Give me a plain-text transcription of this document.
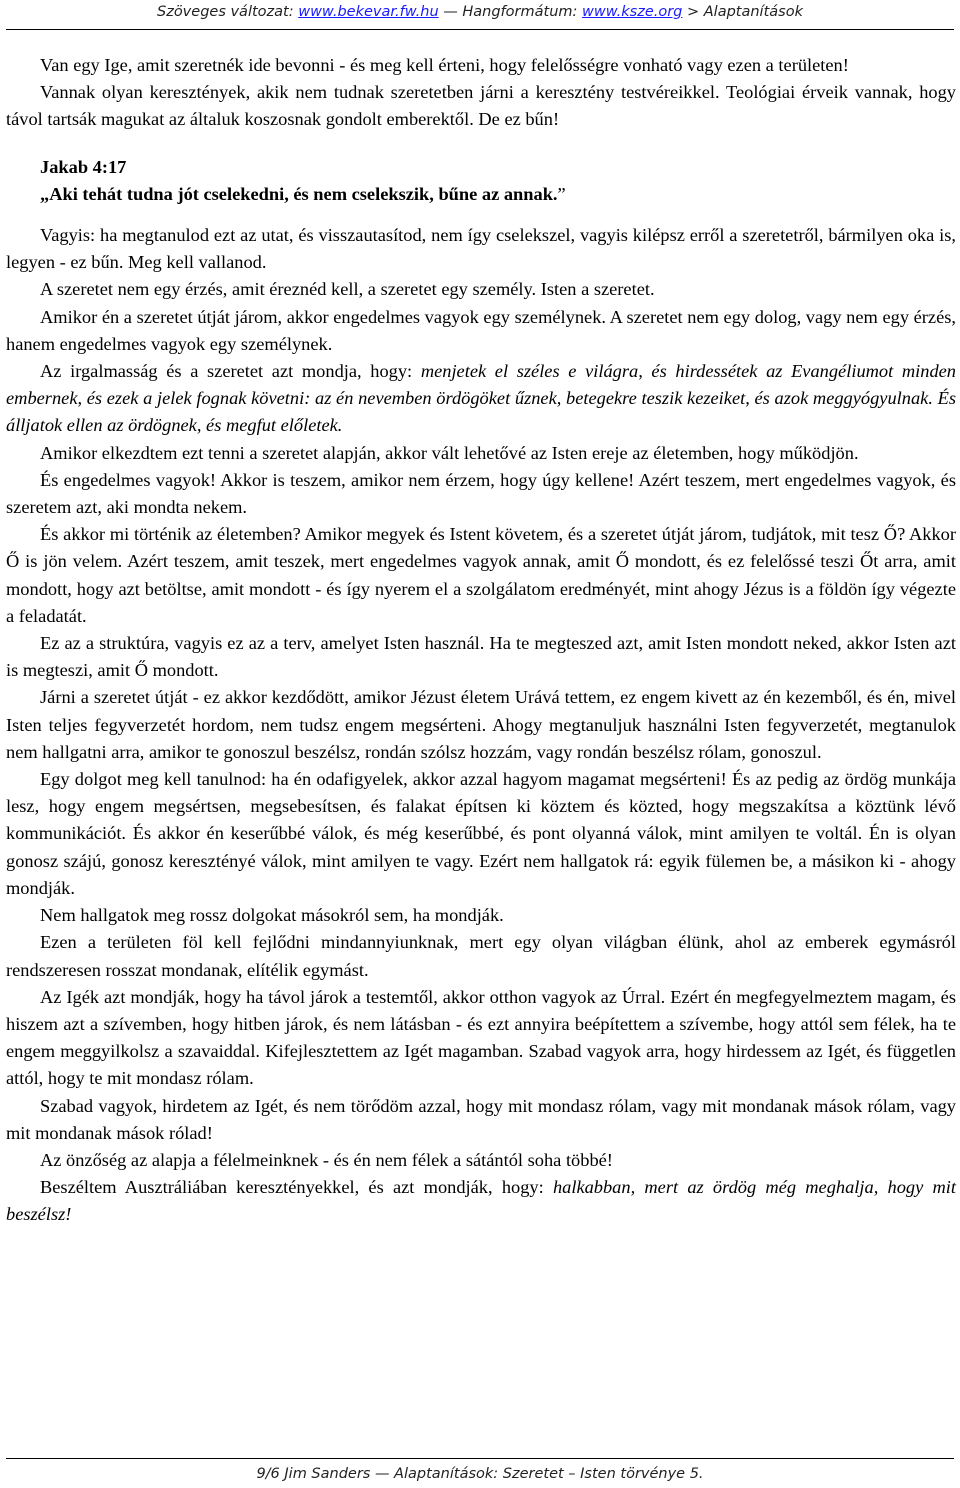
Szöveges változat: www.bekevar.fw.hu — Hangformátum: www.ksze.org > Alaptanítások

Van egy Ige, amit szeretnék ide bevonni - és meg kell érteni, hogy felelősségre vonható vagy ezen a területen!

Vannak olyan keresztények, akik nem tudnak szeretetben járni a keresztény testvéreikkel. Teológiai érveik vannak, hogy távol tartsák magukat az általuk koszosnak gondolt emberektől. De ez bűn!

Jakab 4:17

„Aki tehát tudna jót cselekedni, és nem cselekszik, bűne az annak.”

Vagyis: ha megtanulod ezt az utat, és visszautasítod, nem így cselekszel, vagyis kilépsz erről a szeretetről, bármilyen oka is, legyen - ez bűn. Meg kell vallanod.

A szeretet nem egy érzés, amit éreznéd kell, a szeretet egy személy. Isten a szeretet.

Amikor én a szeretet útját járom, akkor engedelmes vagyok egy személynek. A szeretet nem egy dolog, vagy nem egy érzés, hanem engedelmes vagyok egy személynek.

Az irgalmasság és a szeretet azt mondja, hogy: menjetek el széles e világra, és hirdessétek az Evangéliumot minden embernek, és ezek a jelek fognak követni: az én nevemben ördögöket űznek, betegekre teszik kezeiket, és azok meggyógyulnak. És álljatok ellen az ördögnek, és megfut előletek.

Amikor elkezdtem ezt tenni a szeretet alapján, akkor vált lehetővé az Isten ereje az életemben, hogy működjön.

És engedelmes vagyok! Akkor is teszem, amikor nem érzem, hogy úgy kellene! Azért teszem, mert engedelmes vagyok, és szeretem azt, aki mondta nekem.

És akkor mi történik az életemben? Amikor megyek és Istent követem, és a szeretet útját járom, tudjátok, mit tesz Ő? Akkor Ő is jön velem. Azért teszem, amit teszek, mert engedelmes vagyok annak, amit Ő mondott, és ez felelőssé teszi Őt arra, amit mondott, hogy azt betöltse, amit mondott - és így nyerem el a szolgálatom eredményét, mint ahogy Jézus is a földön így végezte a feladatát.

Ez az a struktúra, vagyis ez az a terv, amelyet Isten használ. Ha te megteszed azt, amit Isten mondott neked, akkor Isten azt is megteszi, amit Ő mondott.

Járni a szeretet útját - ez akkor kezdődött, amikor Jézust életem Urává tettem, ez engem kivett az én kezemből, és én, mivel Isten teljes fegyverzetét hordom, nem tudsz engem megsérteni. Ahogy megtanuljuk használni Isten fegyverzetét, megtanulok nem hallgatni arra, amikor te gonoszul beszélsz, rondán szólsz hozzám, vagy rondán beszélsz rólam, gonoszul.

Egy dolgot meg kell tanulnod: ha én odafigyelek, akkor azzal hagyom magamat megsérteni! És az pedig az ördög munkája lesz, hogy engem megsértsen, megsebesítsen, és falakat építsen ki köztem és közted, hogy megszakítsa a köztünk lévő kommunikációt. És akkor én keserűbbé válok, és még keserűbbé, és pont olyanná válok, mint amilyen te voltál. Én is olyan gonosz szájú, gonosz keresztényé válok, mint amilyen te vagy. Ezért nem hallgatok rá: egyik fülemen be, a másikon ki - ahogy mondják.

Nem hallgatok meg rossz dolgokat másokról sem, ha mondják.

Ezen a területen föl kell fejlődni mindannyiunknak, mert egy olyan világban élünk, ahol az emberek egymásról rendszeresen rosszat mondanak, elítélik egymást.

Az Igék azt mondják, hogy ha távol járok a testemtől, akkor otthon vagyok az Úrral. Ezért én megfegyelmeztem magam, és hiszem azt a szívemben, hogy hitben járok, és nem látásban - és ezt annyira beépítettem a szívembe, hogy attól sem félek, ha te engem meggyilkolsz a szavaiddal. Kifejlesztettem az Igét magamban. Szabad vagyok arra, hogy hirdessem az Igét, és független attól, hogy te mit mondasz rólam.

Szabad vagyok, hirdetem az Igét, és nem törődöm azzal, hogy mit mondasz rólam, vagy mit mondanak mások rólam, vagy mit mondanak mások rólad!

Az önzőség az alapja a félelmeinknek - és én nem félek a sátántól soha többé!

Beszéltem Ausztráliában keresztényekkel, és azt mondják, hogy: halkabban, mert az ördög még meghalja, hogy mit beszélsz!

9/6 Jim Sanders — Alaptanítások: Szeretet – Isten törvénye 5.
